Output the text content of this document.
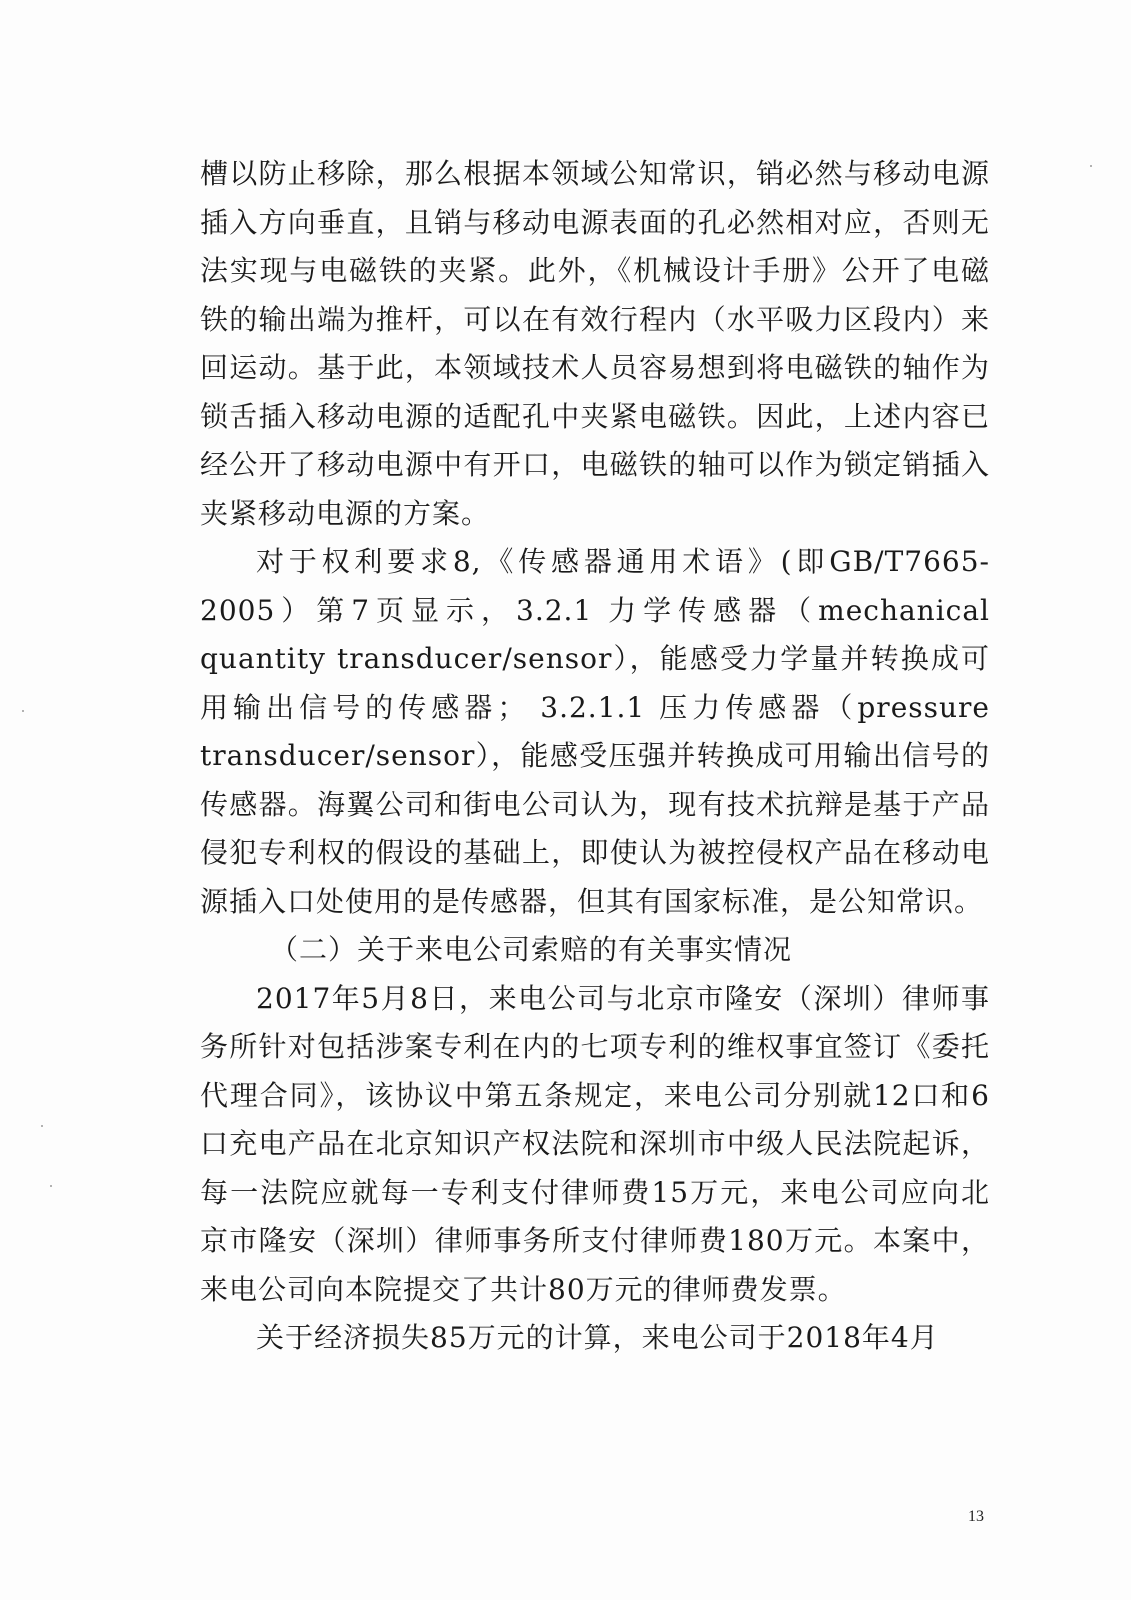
槽以防止移除，那么根据本领域公知常识，销必然与移动电源插入方向垂直，且销与移动电源表面的孔必然相对应，否则无法实现与电磁铁的夹紧。此外，《机械设计手册》公开了电磁铁的输出端为推杆，可以在有效行程内（水平吸力区段内）来回运动。基于此，本领域技术人员容易想到将电磁铁的轴作为锁舌插入移动电源的适配孔中夹紧电磁铁。因此，上述内容已经公开了移动电源中有开口，电磁铁的轴可以作为锁定销插入夹紧移动电源的方案。

对于权利要求8,《传感器通用术语》(即GB/T7665-2005）第7页显示，3.2.1 力学传感器（mechanical quantity transducer/sensor），能感受力学量并转换成可用输出信号的传感器； 3.2.1.1 压力传感器（pressure transducer/sensor），能感受压强并转换成可用输出信号的传感器。海翼公司和街电公司认为，现有技术抗辩是基于产品侵犯专利权的假设的基础上，即使认为被控侵权产品在移动电源插入口处使用的是传感器，但其有国家标准，是公知常识。

（二）关于来电公司索赔的有关事实情况

2017年5月8日，来电公司与北京市隆安（深圳）律师事务所针对包括涉案专利在内的七项专利的维权事宜签订《委托代理合同》，该协议中第五条规定，来电公司分别就12口和6口充电产品在北京知识产权法院和深圳市中级人民法院起诉，每一法院应就每一专利支付律师费15万元，来电公司应向北京市隆安（深圳）律师事务所支付律师费180万元。本案中，来电公司向本院提交了共计80万元的律师费发票。

关于经济损失85万元的计算，来电公司于2018年4月

13
